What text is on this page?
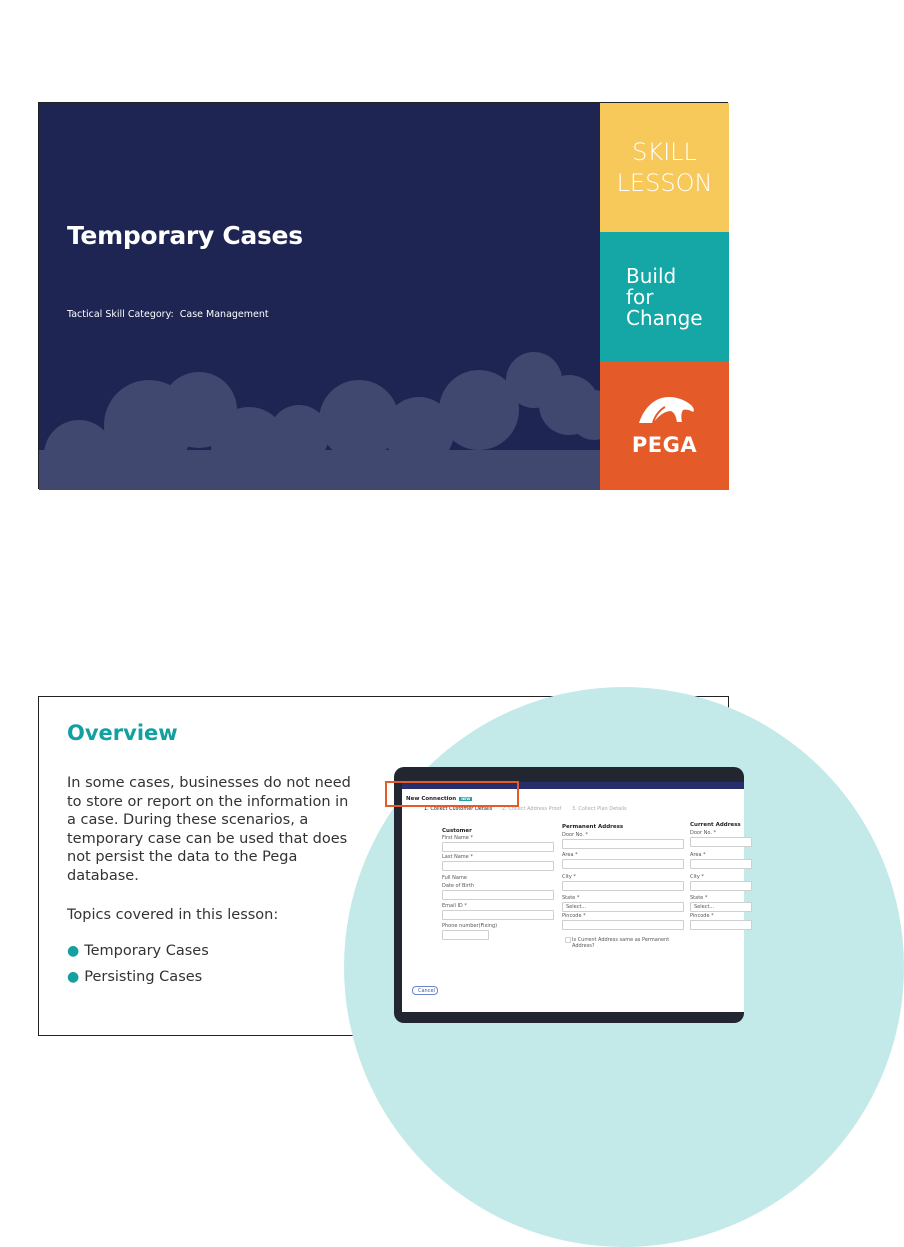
Temporary Cases
Tactical Skill Category:  Case Management
SKILL
LESSON
Build
for
Change
PEGA
Overview

In some cases, businesses do not need to store or report on the information in a case. During these scenarios, a temporary case can be used that does not persist the data to the Pega database.

Topics covered in this lesson:
● Temporary Cases
● Persisting Cases
New Connection NEW
1. Collect Customer Details 2. Collect Address Proof 3. Collect Plan Details
Customer
First Name *
Last Name *
Full Name
Date of Birth
Email ID *
Phone number(Fixing)
Permanent Address
Door No. *
Area *
City *
State *
Select...
Pincode *
Is Current Address same as Permanent Address?
Current Address
Door No. *
Area *
City *
State *
Select...
Pincode *
Cancel
